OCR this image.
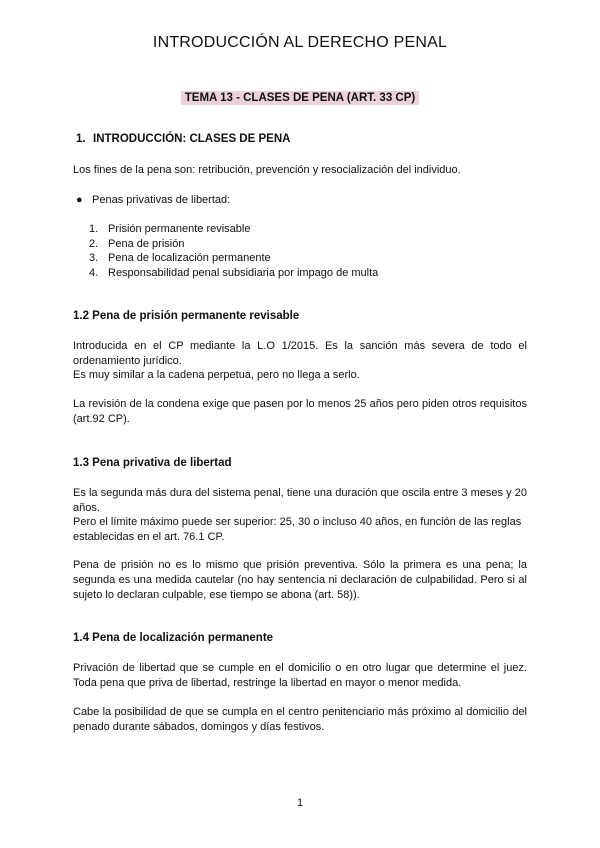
INTRODUCCIÓN AL DERECHO PENAL
TEMA 13 - CLASES DE PENA (ART. 33 CP)
1. INTRODUCCIÓN: CLASES DE PENA

Los fines de la pena son: retribución, prevención y resocialización del individuo.

● Penas privativas de libertad:
1. Prisión permanente revisable
2. Pena de prisión
3. Pena de localización permanente
4. Responsabilidad penal subsidiaria por impago de multa
1.2 Pena de prisión permanente revisable

Introducida en el CP mediante la L.O 1/2015. Es la sanción más severa de todo el ordenamiento jurídico.

Es muy similar a la cadena perpetua, pero no llega a serlo.

La revisión de la condena exige que pasen por lo menos 25 años pero piden otros requisitos (art.92 CP).

1.3 Pena privativa de libertad

Es la segunda más dura del sistema penal, tiene una duración que oscila entre 3 meses y 20 años.

Pero el límite máximo puede ser superior: 25, 30 o incluso 40 años, en función de las reglas establecidas en el art. 76.1 CP.

Pena de prisión no es lo mismo que prisión preventiva. Sólo la primera es una pena; la segunda es una medida cautelar (no hay sentencia ni declaración de culpabilidad. Pero si al sujeto lo declaran culpable, ese tiempo se abona (art. 58)).

1.4 Pena de localización permanente

Privación de libertad que se cumple en el domicilio o en otro lugar que determine el juez. Toda pena que priva de libertad, restringe la libertad en mayor o menor medida.

Cabe la posibilidad de que se cumpla en el centro penitenciario más próximo al domicilio del penado durante sábados, domingos y días festivos.

1
